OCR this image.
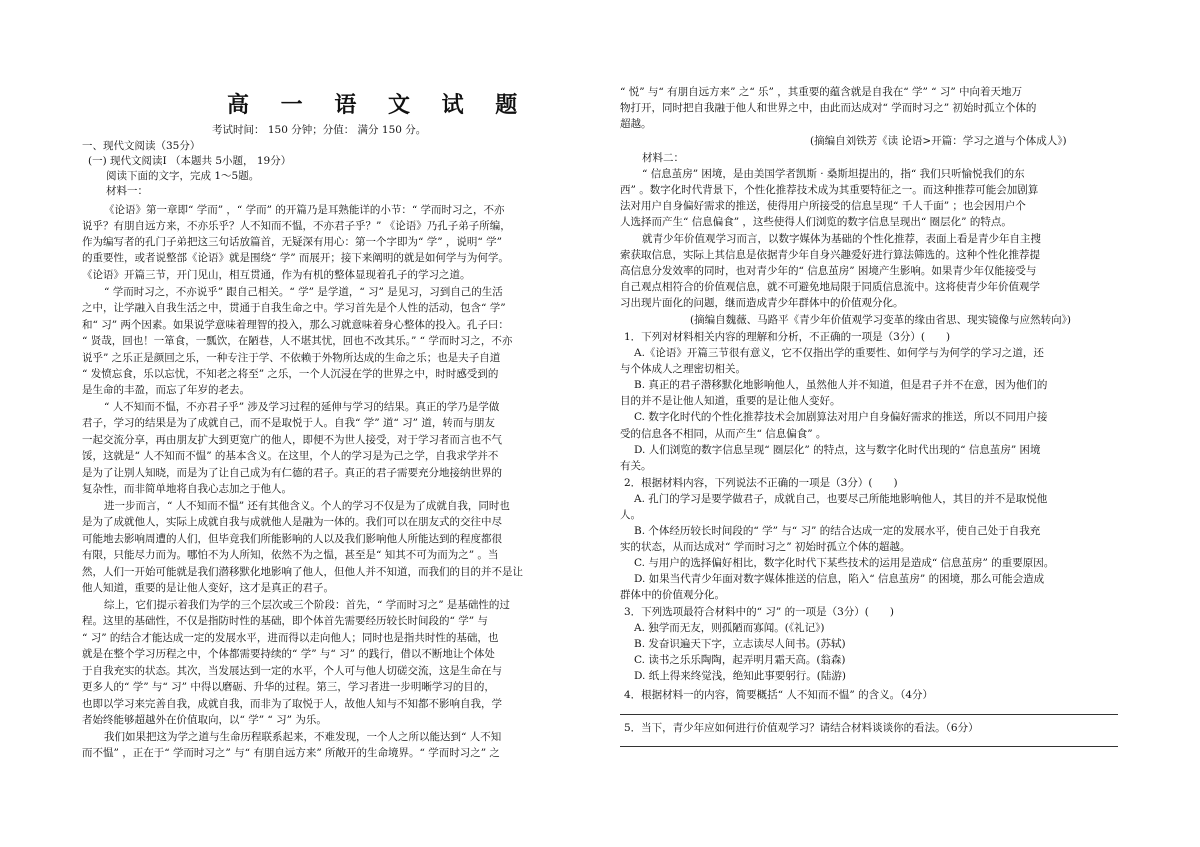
高 一 语 文 试 题
考试时间： 150 分钟；分值： 满分 150 分。
一、现代文阅读（35分）
(一) 现代文阅读Ⅰ （本题共 5小题， 19分）
阅读下面的文字，完成 1～5题。
材料一：
《论语》第一章即“ 学而” ，“ 学而” 的开篇乃是耳熟能详的小节：“ 学而时习之，不亦
说乎？有朋自远方来，不亦乐乎？人不知而不愠，不亦君子乎？” 《论语》乃孔子弟子所编，
作为编写者的孔门子弟把这三句话放篇首，无疑深有用心：第一个字即为“ 学” ，说明“ 学”
的重要性，或者说整部《论语》就是围绕“ 学” 而展开；接下来阐明的就是如何学与为何学。
《论语》开篇三节，开门见山，相互贯通，作为有机的整体显现着孔子的学习之道。
“ 学而时习之，不亦说乎” 跟自己相关。“ 学” 是学道，“ 习” 是见习，习到自己的生活
之中，让学融入自我生活之中，贯通于自我生命之中。学习首先是个人性的活动，包含“ 学”
和“ 习” 两个因素。如果说学意味着理智的投入，那么习就意味着身心整体的投入。孔子曰：
“ 贤哉，回也！一箪食，一瓢饮，在陋巷，人不堪其忧，回也不改其乐。” “ 学而时习之，不亦
说乎” 之乐正是颜回之乐，一种专注于学、不依赖于外物所达成的生命之乐；也是夫子自道
“ 发愤忘食，乐以忘忧，不知老之将至” 之乐，一个人沉浸在学的世界之中，时时感受到的
是生命的丰盈，而忘了年岁的老去。
“ 人不知而不愠，不亦君子乎” 涉及学习过程的延伸与学习的结果。真正的学乃是学做
君子，学习的结果是为了成就自己，而不是取悦于人。自我“ 学” 道“ 习” 道，转而与朋友
一起交流分享，再由朋友扩大到更宽广的他人，即便不为世人接受，对于学习者而言也不气
馁，这就是“ 人不知而不愠” 的基本含义。在这里，个人的学习是为己之学，自我求学并不
是为了让别人知晓，而是为了让自己成为有仁德的君子。真正的君子需要充分地接纳世界的
复杂性，而非简单地将自我心志加之于他人。
进一步而言，“ 人不知而不愠” 还有其他含义。个人的学习不仅是为了成就自我，同时也
是为了成就他人，实际上成就自我与成就他人是融为一体的。我们可以在朋友式的交往中尽
可能地去影响周遭的人们，但毕竟我们所能影响的人以及我们影响他人所能达到的程度都很
有限，只能尽力而为。哪怕不为人所知，依然不为之愠，甚至是“ 知其不可为而为之” 。当
然，人们一开始可能就是我们潜移默化地影响了他人，但他人并不知道，而我们的目的并不是让
他人知道，重要的是让他人变好，这才是真正的君子。
综上，它们提示着我们为学的三个层次或三个阶段：首先，“ 学而时习之” 是基础性的过
程。这里的基础性，不仅是指防时性的基础，即个体首先需要经历较长时间段的“ 学” 与
“ 习” 的结合才能达成一定的发展水平，进而得以走向他人；同时也是指共时性的基础，也
就是在整个学习历程之中，个体都需要持续的“ 学” 与“ 习” 的践行，借以不断地让个体处
于自我充实的状态。其次，当发展达到一定的水平，个人可与他人切磋交流，这是生命在与
更多人的“ 学” 与“ 习” 中得以磨砺、升华的过程。第三，学习者进一步明晰学习的目的，
也即以学习来完善自我，成就自我，而非为了取悦于人，故他人知与不知都不影响自我，学
者始终能够超越外在价值取向，以“ 学” “ 习” 为乐。
我们如果把这为学之道与生命历程联系起来，不难发现，一个人之所以能达到“ 人不知
而不愠” ，正在于“ 学而时习之” 与“ 有朋自远方来” 所敞开的生命境界。“ 学而时习之” 之
“ 悦” 与“ 有朋自远方来” 之“ 乐” ，其重要的蕴含就是自我在“ 学” “ 习” 中向着天地万
物打开，同时把自我融于他人和世界之中，由此而达成对“ 学而时习之” 初始时孤立个体的
超越。
(摘编自刘铁芳《读 论语>开篇：学习之道与个体成人》)
材料二：
“ 信息茧房” 困境，是由美国学者凯斯 · 桑斯坦提出的，指“ 我们只听愉悦我们的东
西” 。数字化时代背景下，个性化推荐技术成为其重要特征之一。而这种推荐可能会加剧算
法对用户自身偏好需求的推送，使得用户所接受的信息呈现“ 千人千面” ；也会因用户个
人选择而产生“ 信息偏食” ，这些使得人们浏览的数字信息呈现出“ 圈层化” 的特点。
就青少年价值观学习而言，以数字媒体为基础的个性化推荐，表面上看是青少年自主搜
索获取信息，实际上其信息是依据青少年自身兴趣爱好进行算法筛选的。这种个性化推荐提
高信息分发效率的同时，也对青少年的“ 信息茧房” 困境产生影响。如果青少年仅能接受与
自己观点相符合的价值观信息，就不可避免地局限于同质信息流中。这将使青少年价值观学
习出现片面化的问题，继而造成青少年群体中的价值观分化。
(摘编自魏薇、马路平《青少年价值观学习变革的缘由省思、现实镜像与应然转向》)
1．下列对材料相关内容的理解和分析，不正确的一项是（3分）(　　)
A.《论语》开篇三节很有意义，它不仅指出学的重要性、如何学与为何学的学习之道，还
与个体成人之理密切相关。
B. 真正的君子潜移默化地影响他人，虽然他人并不知道，但是君子并不在意，因为他们的
目的并不是让他人知道，重要的是让他人变好。
C. 数字化时代的个性化推荐技术会加剧算法对用户自身偏好需求的推送，所以不同用户接
受的信息各不相同，从而产生“ 信息偏食” 。
D. 人们浏览的数字信息呈现“ 圈层化” 的特点，这与数字化时代出现的“ 信息茧房” 困境
有关。
2．根据材料内容，下列说法不正确的一项是（3分）(　　)
A. 孔门的学习是要学做君子，成就自己，也要尽己所能地影响他人，其目的并不是取悦他
人。
B. 个体经历较长时间段的“ 学” 与“ 习” 的结合达成一定的发展水平，使自己处于自我充
实的状态，从而达成对“ 学而时习之” 初始时孤立个体的超越。
C. 与用户的选择偏好相比，数字化时代下某些技术的运用是造成“ 信息茧房” 的重要原因。
D. 如果当代青少年面对数字媒体推送的信息，陷入“ 信息茧房” 的困境，那么可能会造成
群体中的价值观分化。
3．下列选项最符合材料中的“ 习” 的一项是（3分）(　　)
A. 独学而无友，则孤陋而寡闻。(《礼记》)
B. 发奋识遍天下字，立志读尽人间书。(苏轼)
C. 读书之乐乐陶陶，起弄明月霜天高。(翁森)
D. 纸上得来终觉浅，绝知此事要躬行。(陆游)
4．根据材料一的内容，简要概括“ 人不知而不愠” 的含义。（4分）
5．当下，青少年应如何进行价值观学习？请结合材料谈谈你的看法。（6分）
